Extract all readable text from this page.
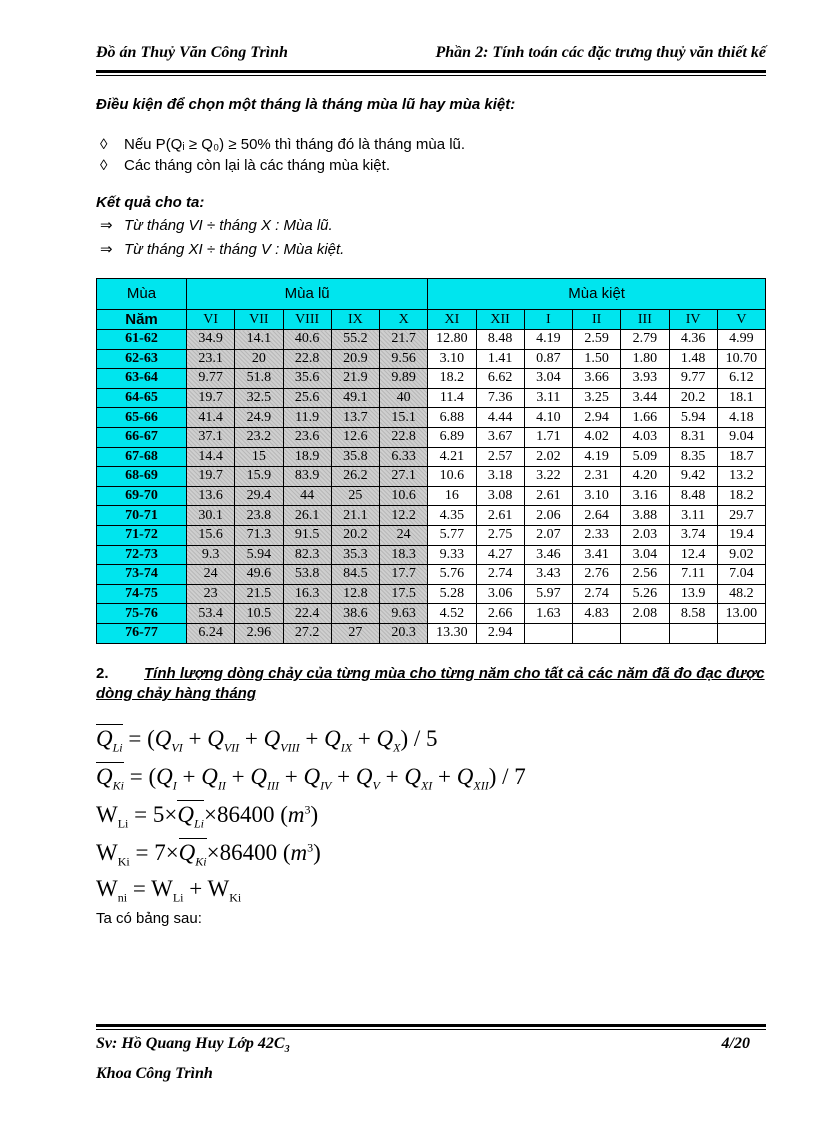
Đồ án Thuỷ Văn Công Trình	Phần 2: Tính toán các đặc trưng thuỷ văn thiết kế
Điều kiện để chọn một tháng là tháng mùa lũ hay mùa kiệt:
◊ Nếu P(Qᵢ ≥ Q₀) ≥ 50% thì tháng đó là tháng mùa lũ.
◊ Các tháng còn lại là các tháng mùa kiệt.
Kết quả cho ta:
⇒ Từ tháng VI ÷ tháng X : Mùa lũ.
⇒ Từ tháng XI ÷ tháng V : Mùa kiệt.
Mùa	Mùa lũ					Mùa kiệt						
Năm	VI	VII	VIII	IX	X	XI	XII	I	II	III	IV	V
61-62	34.9	14.1	40.6	55.2	21.7	12.80	8.48	4.19	2.59	2.79	4.36	4.99
62-63	23.1	20	22.8	20.9	9.56	3.10	1.41	0.87	1.50	1.80	1.48	10.70
63-64	9.77	51.8	35.6	21.9	9.89	18.2	6.62	3.04	3.66	3.93	9.77	6.12
64-65	19.7	32.5	25.6	49.1	40	11.4	7.36	3.11	3.25	3.44	20.2	18.1
65-66	41.4	24.9	11.9	13.7	15.1	6.88	4.44	4.10	2.94	1.66	5.94	4.18
66-67	37.1	23.2	23.6	12.6	22.8	6.89	3.67	1.71	4.02	4.03	8.31	9.04
67-68	14.4	15	18.9	35.8	6.33	4.21	2.57	2.02	4.19	5.09	8.35	18.7
68-69	19.7	15.9	83.9	26.2	27.1	10.6	3.18	3.22	2.31	4.20	9.42	13.2
69-70	13.6	29.4	44	25	10.6	16	3.08	2.61	3.10	3.16	8.48	18.2
70-71	30.1	23.8	26.1	21.1	12.2	4.35	2.61	2.06	2.64	3.88	3.11	29.7
71-72	15.6	71.3	91.5	20.2	24	5.77	2.75	2.07	2.33	2.03	3.74	19.4
72-73	9.3	5.94	82.3	35.3	18.3	9.33	4.27	3.46	3.41	3.04	12.4	9.02
73-74	24	49.6	53.8	84.5	17.7	5.76	2.74	3.43	2.76	2.56	7.11	7.04
74-75	23	21.5	16.3	12.8	17.5	5.28	3.06	5.97	2.74	5.26	13.9	48.2
75-76	53.4	10.5	22.4	38.6	9.63	4.52	2.66	1.63	4.83	2.08	8.58	13.00
76-77	6.24	2.96	27.2	27	20.3	13.30	2.94					
2. Tính lượng dòng chảy của từng mùa cho từng năm cho tất cả các năm đã đo đạc được dòng chảy hàng tháng
$Q_{Li} = (Q_{VI} + Q_{VII} + Q_{VIII} + Q_{IX} + Q_X) / 5$
$Q_{Ki} = (Q_I + Q_{II} + Q_{III} + Q_{IV} + Q_V + Q_{XI} + Q_{XII}) / 7$
$W_{Li} = 5\times Q_{Li}\times 86400$ $(m^3)$
$W_{Ki} = 7\times Q_{Ki}\times 86400$ $(m^3)$
$W_{ni} = W_{Li} + W_{Ki}$
Ta có bảng sau:
Sv: Hồ Quang Huy Lớp $42C_3$
Khoa Công Trình
4/20
